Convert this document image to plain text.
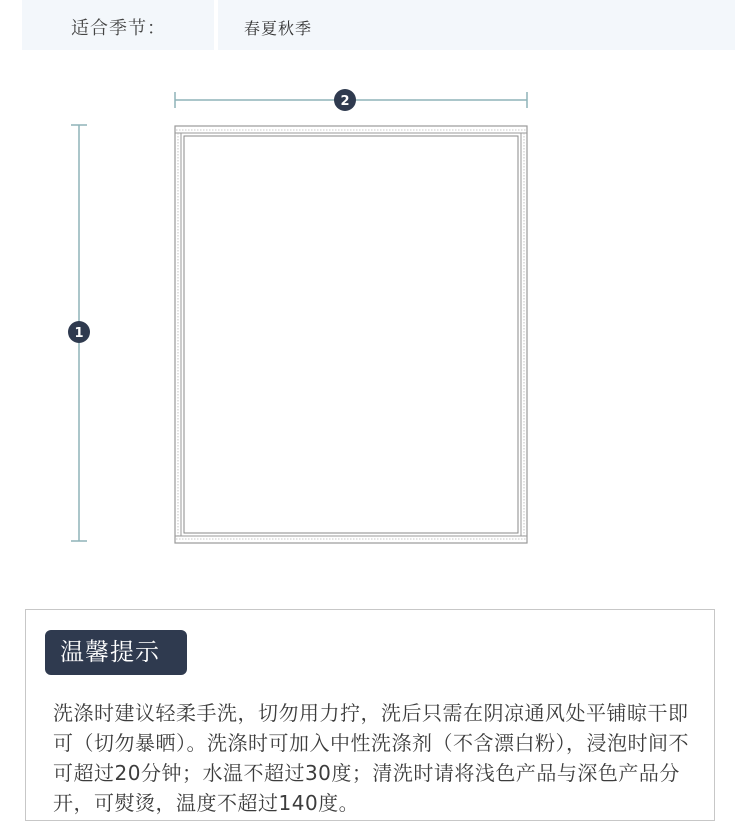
适合季节：	春夏秋季
2
1
温馨提示

洗涤时建议轻柔手洗，切勿用力拧，洗后只需在阴凉通风处平铺晾干即可（切勿暴晒）。洗涤时可加入中性洗涤剂（不含漂白粉），浸泡时间不可超过20分钟；水温不超过30度；清洗时请将浅色产品与深色产品分开，可熨烫，温度不超过140度。
